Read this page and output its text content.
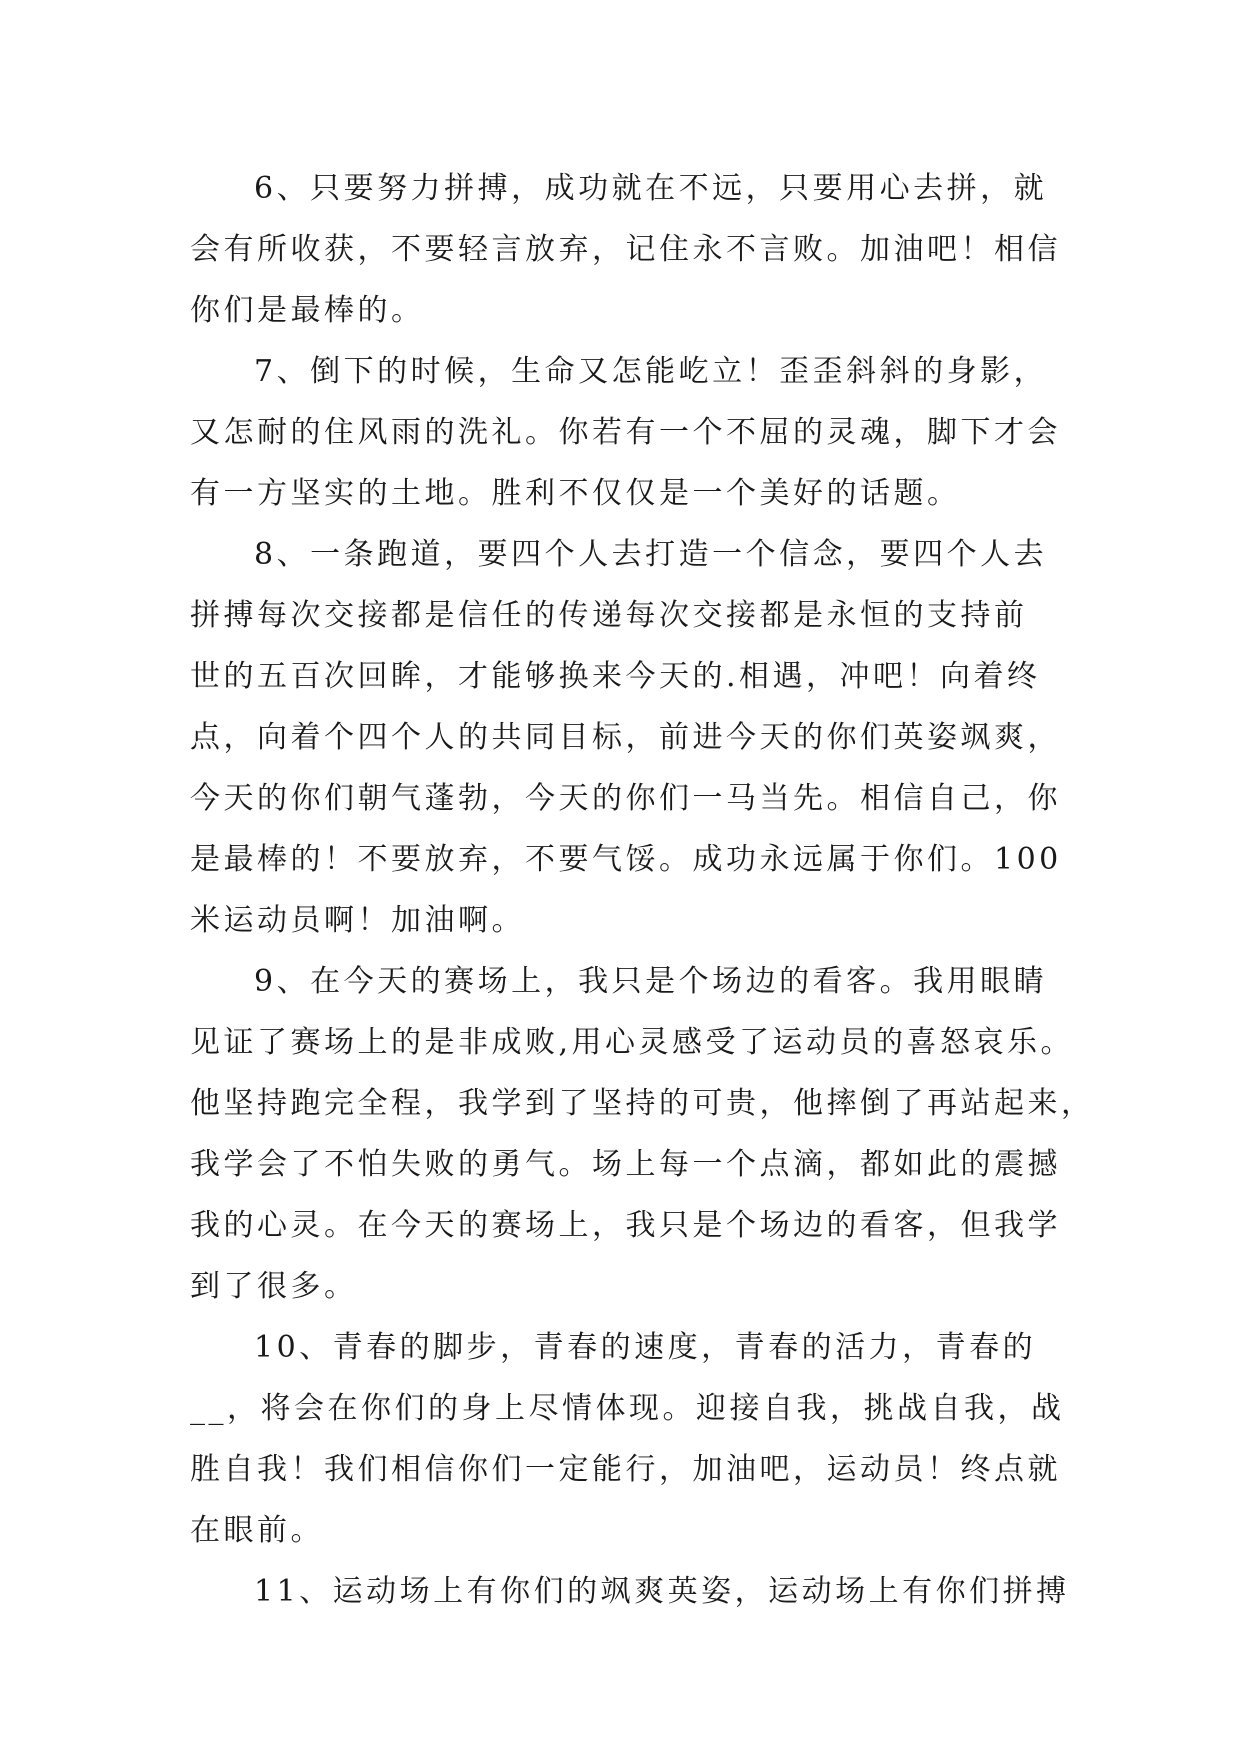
6、只要努力拼搏，成功就在不远，只要用心去拼，就
会有所收获，不要轻言放弃，记住永不言败。加油吧！相信
你们是最棒的。
7、倒下的时候，生命又怎能屹立！歪歪斜斜的身影，
又怎耐的住风雨的洗礼。你若有一个不屈的灵魂，脚下才会
有一方坚实的土地。胜利不仅仅是一个美好的话题。
8、一条跑道，要四个人去打造一个信念，要四个人去
拼搏每次交接都是信任的传递每次交接都是永恒的支持前
世的五百次回眸，才能够换来今天的.相遇，冲吧！向着终
点，向着个四个人的共同目标，前进今天的你们英姿飒爽，
今天的你们朝气蓬勃，今天的你们一马当先。相信自己，你
是最棒的！不要放弃，不要气馁。成功永远属于你们。100
米运动员啊！加油啊。
9、在今天的赛场上，我只是个场边的看客。我用眼睛
见证了赛场上的是非成败,用心灵感受了运动员的喜怒哀乐。
他坚持跑完全程，我学到了坚持的可贵，他摔倒了再站起来，
我学会了不怕失败的勇气。场上每一个点滴，都如此的震撼
我的心灵。在今天的赛场上，我只是个场边的看客，但我学
到了很多。
10、青春的脚步，青春的速度，青春的活力，青春的
__，将会在你们的身上尽情体现。迎接自我，挑战自我，战
胜自我！我们相信你们一定能行，加油吧，运动员！终点就
在眼前。
11、运动场上有你们的飒爽英姿，运动场上有你们拼搏
